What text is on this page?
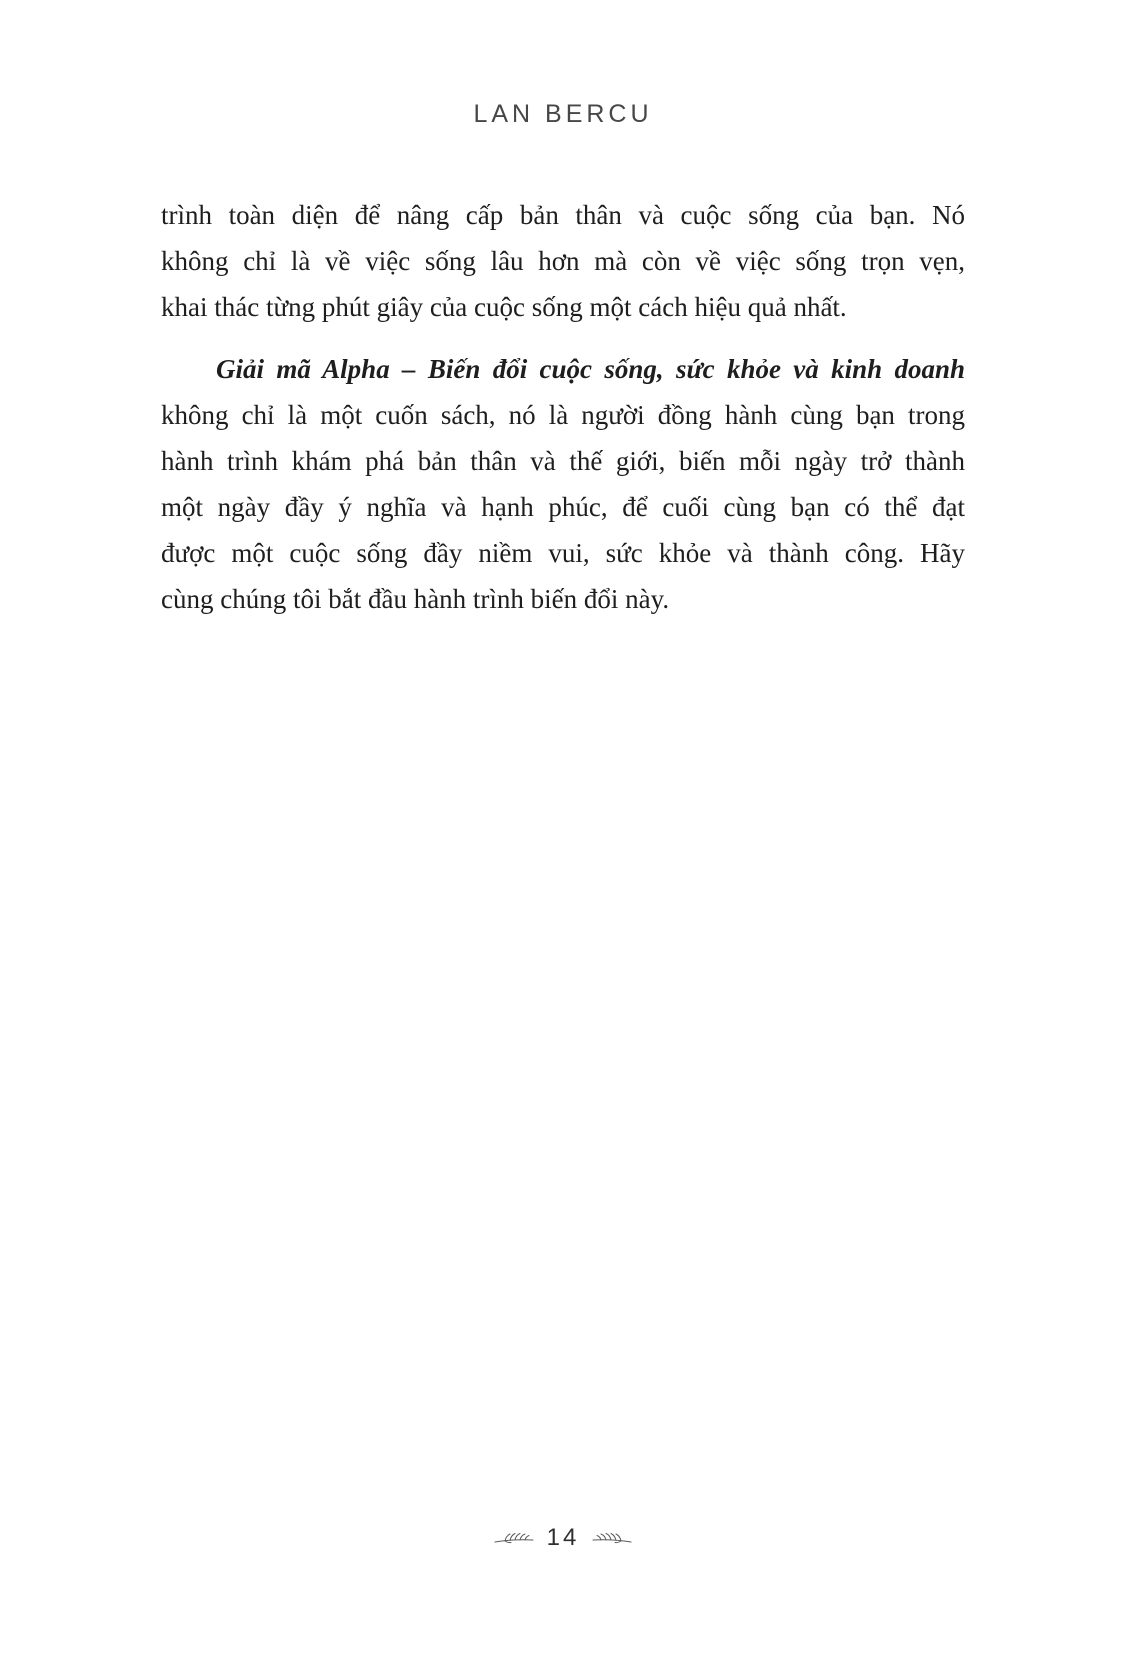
LAN BERCU
trình toàn diện để nâng cấp bản thân và cuộc sống của bạn. Nó
không chỉ là về việc sống lâu hơn mà còn về việc sống trọn vẹn,
khai thác từng phút giây của cuộc sống một cách hiệu quả nhất.
Giải mã Alpha – Biến đổi cuộc sống, sức khỏe và kinh doanh
không chỉ là một cuốn sách, nó là người đồng hành cùng bạn trong
hành trình khám phá bản thân và thế giới, biến mỗi ngày trở thành
một ngày đầy ý nghĩa và hạnh phúc, để cuối cùng bạn có thể đạt
được một cuộc sống đầy niềm vui, sức khỏe và thành công. Hãy
cùng chúng tôi bắt đầu hành trình biến đổi này.
14
